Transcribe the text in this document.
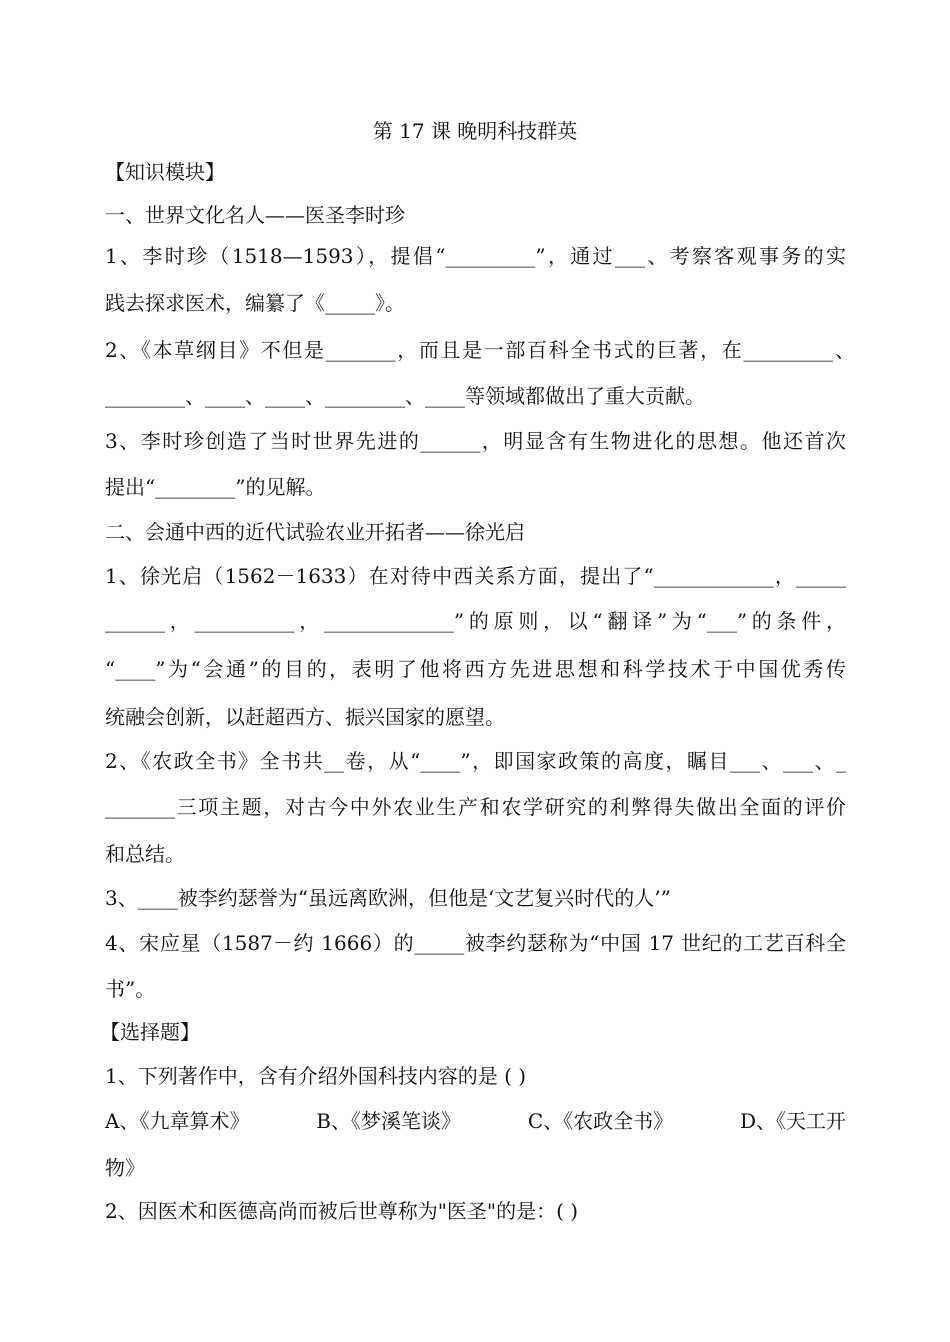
第 17 课 晚明科技群英
【知识模块】
一、世界文化名人——医圣李时珍
1、李时珍（1518—1593），提倡“_________”，通过___、考察客观事务的实
践去探求医术，编纂了《_____》。
2、《本草纲目》不但是_______，而且是一部百科全书式的巨著，在_________、
________、____、____、________、____等领域都做出了重大贡献。
3、李时珍创造了当时世界先进的______，明显含有生物进化的思想。他还首次
提出“________”的见解。
二、会通中西的近代试验农业开拓者——徐光启
1、徐光启（1562－1633）在对待中西关系方面，提出了“____________，_____
______，__________，_____________”的原则，以“翻译”为“___”的条件，
“____”为“会通”的目的，表明了他将西方先进思想和科学技术于中国优秀传
统融会创新，以赶超西方、振兴国家的愿望。
2、《农政全书》全书共__卷，从“____”，即国家政策的高度，瞩目___、___、_
_______三项主题，对古今中外农业生产和农学研究的利弊得失做出全面的评价
和总结。
3、____被李约瑟誉为“虽远离欧洲，但他是‘文艺复兴时代的人’”
4、宋应星（1587－约 1666）的_____被李约瑟称为“中国 17 世纪的工艺百科全
书”。
【选择题】
1、下列著作中，含有介绍外国科技内容的是 ( )
A、《九章算术》	B、《梦溪笔谈》	C、《农政全书》	D、《天工开
物》
2、因医术和医德高尚而被后世尊称为"医圣"的是：( )
